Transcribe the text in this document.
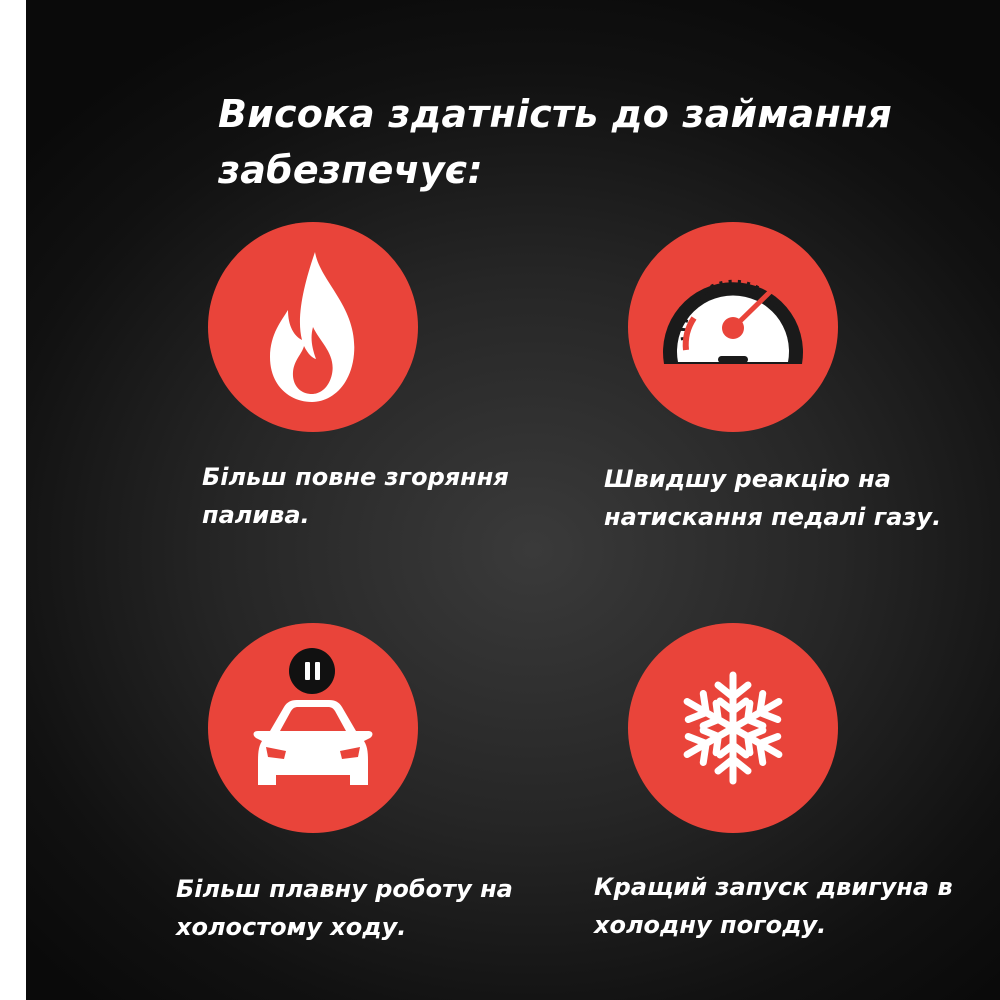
Висока здатність до займання забезпечує:

Більш повне згоряння палива.

Швидшу реакцію на натискання педалі газу.

Більш плавну роботу на холостому ходу.

Кращий запуск двигуна в холодну погоду.
